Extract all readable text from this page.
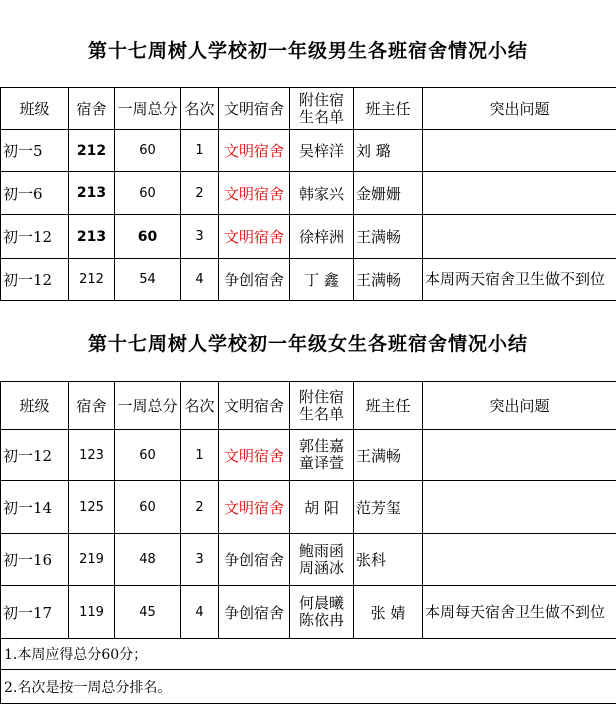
第十七周树人学校初一年级男生各班宿舍情况小结
班级	宿舍	一周总分	名次	文明宿舍	附住宿生名单	班主任	突出问题
初一5	212	60	1	文明宿舍	吴梓洋	刘 璐	
初一6	213	60	2	文明宿舍	韩家兴	金姗姗	
初一12	213	60	3	文明宿舍	徐梓洲	王满畅	
初一12	212	54	4	争创宿舍	丁 鑫	王满畅	本周两天宿舍卫生做不到位
第十七周树人学校初一年级女生各班宿舍情况小结
班级	宿舍	一周总分	名次	文明宿舍	附住宿生名单	班主任	突出问题
初一12	123	60	1	文明宿舍	郭佳嘉童译萱	王满畅	
初一14	125	60	2	文明宿舍	胡 阳	范芳玺	
初一16	219	48	3	争创宿舍	鲍雨函周涵冰	张科	
初一17	119	45	4	争创宿舍	何晨曦陈依冉	张 婧	本周每天宿舍卫生做不到位
1.本周应得总分60分；							
2.名次是按一周总分排名。							
